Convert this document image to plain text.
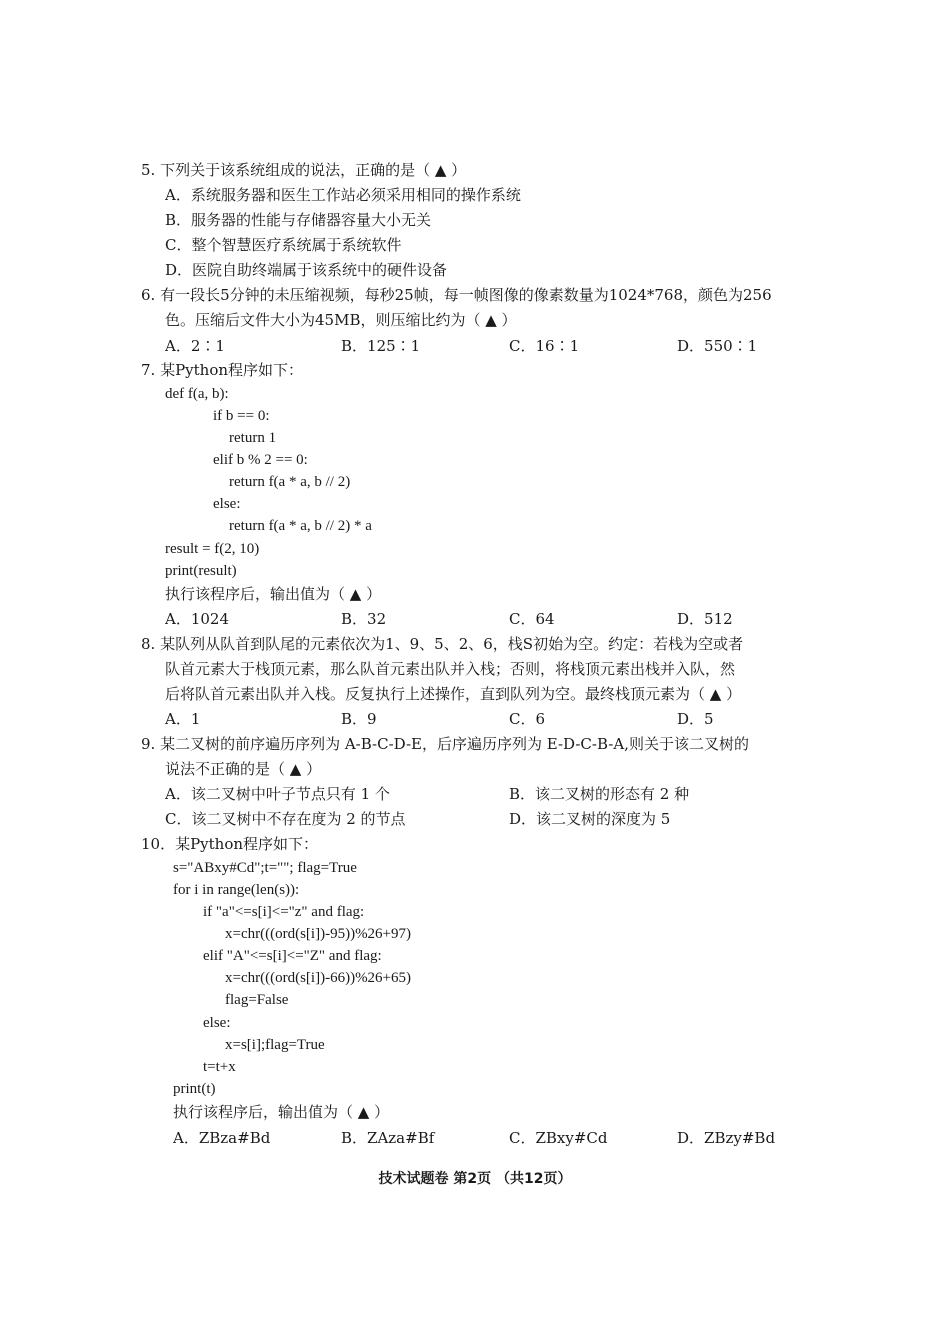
5. 下列关于该系统组成的说法，正确的是（ ▲ ）
A．系统服务器和医生工作站必须采用相同的操作系统
B．服务器的性能与存储器容量大小无关
C．整个智慧医疗系统属于系统软件
D．医院自助终端属于该系统中的硬件设备
6. 有一段长5分钟的未压缩视频，每秒25帧，每一帧图像的像素数量为1024*768，颜色为256
色。压缩后文件大小为45MB，则压缩比约为（ ▲ ）
A．2∶1	B．125∶1	C．16∶1	D．550∶1
7. 某Python程序如下：
def f(a, b):
if b == 0:
return 1
elif b % 2 == 0:
return f(a * a, b // 2)
else:
return f(a * a, b // 2) * a
result = f(2, 10)
print(result)
执行该程序后，输出值为（ ▲ ）
A．1024	B．32	C．64	D．512
8. 某队列从队首到队尾的元素依次为1、9、5、2、6，栈S初始为空。约定：若栈为空或者
队首元素大于栈顶元素，那么队首元素出队并入栈；否则，将栈顶元素出栈并入队，然
后将队首元素出队并入栈。反复执行上述操作，直到队列为空。最终栈顶元素为（ ▲ ）
A．1	B．9	C．6	D．5
9. 某二叉树的前序遍历序列为 A-B-C-D-E，后序遍历序列为 E-D-C-B-A,则关于该二叉树的
说法不正确的是（ ▲ ）
A．该二叉树中叶子节点只有 1 个	B．该二叉树的形态有 2 种
C．该二叉树中不存在度为 2 的节点	D．该二叉树的深度为 5
10．某Python程序如下：
s="ABxy#Cd";t=""; flag=True
for i in range(len(s)):
if "a"<=s[i]<="z" and flag:
x=chr(((ord(s[i])-95))%26+97)
elif "A"<=s[i]<="Z" and flag:
x=chr(((ord(s[i])-66))%26+65)
flag=False
else:
x=s[i];flag=True
t=t+x
print(t)
执行该程序后，输出值为（ ▲ ）
A．ZBza#Bd	B．ZAza#Bf	C．ZBxy#Cd	D．ZBzy#Bd
技术试题卷 第2页 （共12页）
